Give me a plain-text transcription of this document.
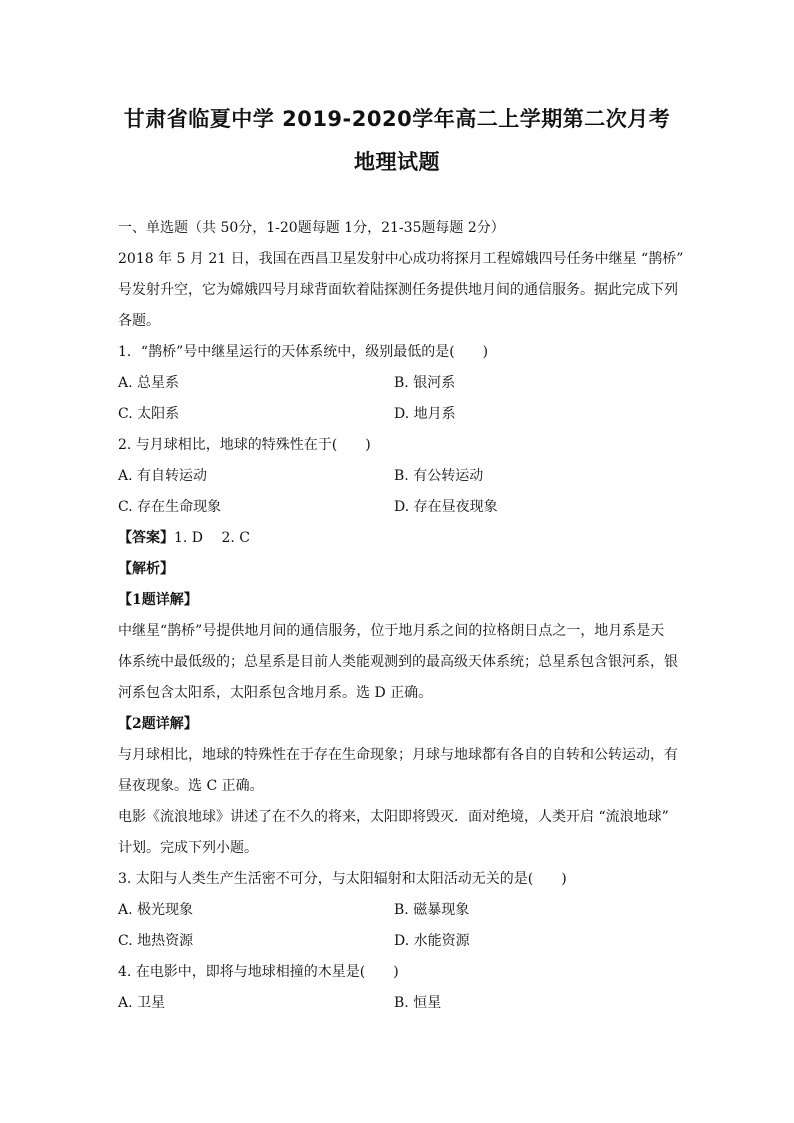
甘肃省临夏中学 2019-2020学年高二上学期第二次月考
地理试题
一、单选题（共 50分，1-20题每题 1分，21-35题每题 2分）
2018 年 5 月 21 日，我国在西昌卫星发射中心成功将探月工程嫦娥四号任务中继星 “鹊桥”
号发射升空，它为嫦娥四号月球背面软着陆探测任务提供地月间的通信服务。据此完成下列
各题。
1．“鹊桥”号中继星运行的天体系统中，级别最低的是(　　)
A. 总星系	B. 银河系
C. 太阳系	D. 地月系
2. 与月球相比，地球的特殊性在于(　　)
A. 有自转运动	B. 有公转运动
C. 存在生命现象	D. 存在昼夜现象
【答案】1. D　 2. C
【解析】
【1题详解】
中继星“鹊桥”号提供地月间的通信服务，位于地月系之间的拉格朗日点之一，地月系是天
体系统中最低级的；总星系是目前人类能观测到的最高级天体系统；总星系包含银河系，银
河系包含太阳系，太阳系包含地月系。选 D 正确。
【2题详解】
与月球相比，地球的特殊性在于存在生命现象；月球与地球都有各自的自转和公转运动，有
昼夜现象。选 C 正确。
电影《流浪地球》讲述了在不久的将来，太阳即将毁灭．面对绝境，人类开启 “流浪地球”
计划。完成下列小题。
3. 太阳与人类生产生活密不可分，与太阳辐射和太阳活动无关的是(　　)
A. 极光现象	B. 磁暴现象
C. 地热资源	D. 水能资源
4. 在电影中，即将与地球相撞的木星是(　　)
A. 卫星	B. 恒星
